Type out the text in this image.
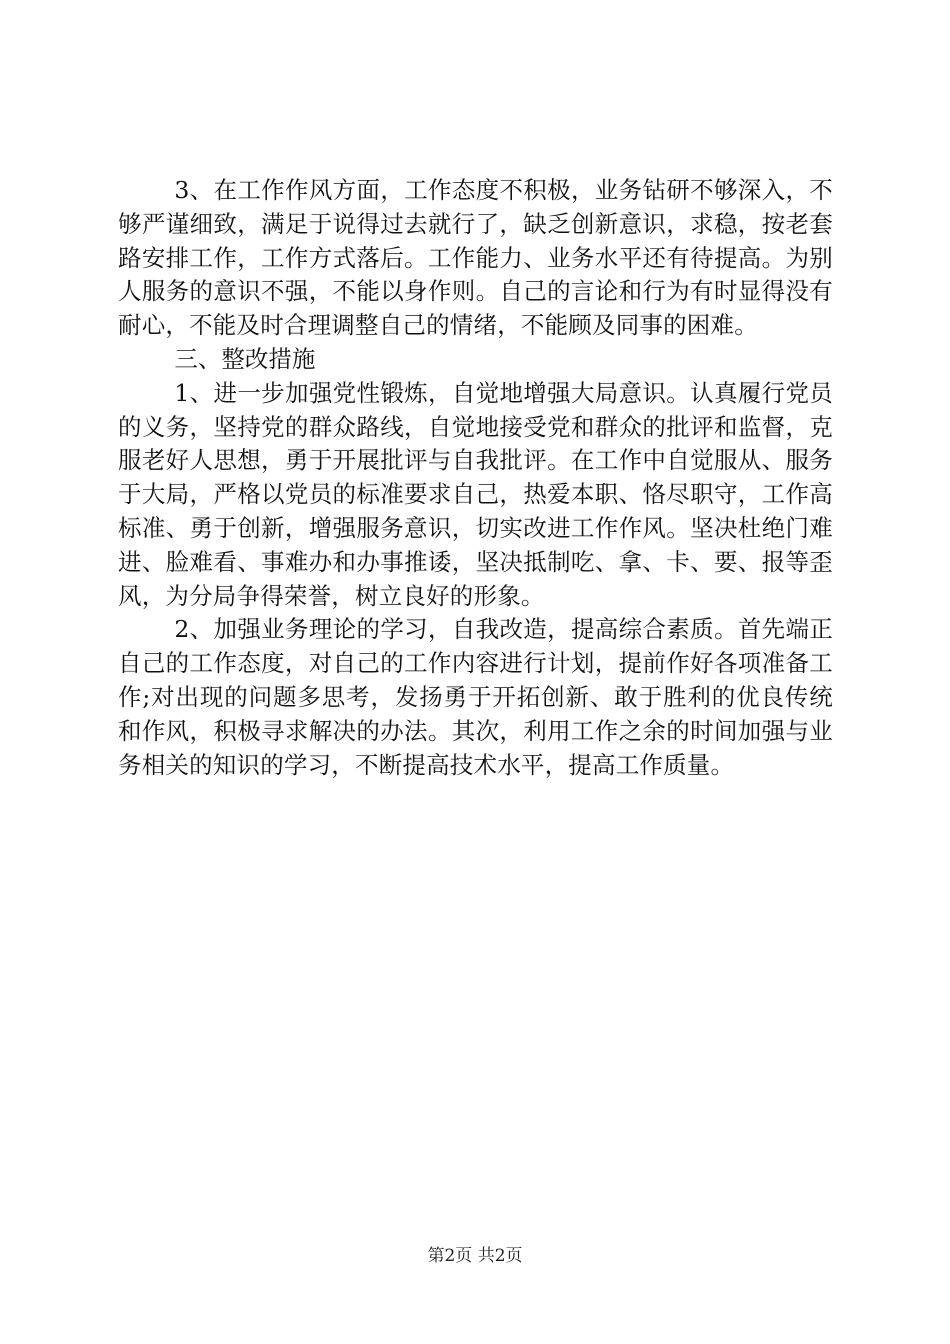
3、在工作作风方面，工作态度不积极，业务钻研不够深入，不够严谨细致，满足于说得过去就行了，缺乏创新意识，求稳，按老套路安排工作，工作方式落后。工作能力、业务水平还有待提高。为别人服务的意识不强，不能以身作则。自己的言论和行为有时显得没有耐心，不能及时合理调整自己的情绪，不能顾及同事的困难。

三、整改措施

1、进一步加强党性锻炼，自觉地增强大局意识。认真履行党员的义务，坚持党的群众路线，自觉地接受党和群众的批评和监督，克服老好人思想，勇于开展批评与自我批评。在工作中自觉服从、服务于大局，严格以党员的标准要求自己，热爱本职、恪尽职守，工作高标准、勇于创新，增强服务意识，切实改进工作作风。坚决杜绝门难进、脸难看、事难办和办事推诿，坚决抵制吃、拿、卡、要、报等歪风，为分局争得荣誉，树立良好的形象。

2、加强业务理论的学习，自我改造，提高综合素质。首先端正自己的工作态度，对自己的工作内容进行计划，提前作好各项准备工作;对出现的问题多思考，发扬勇于开拓创新、敢于胜利的优良传统和作风，积极寻求解决的办法。其次，利用工作之余的时间加强与业务相关的知识的学习，不断提高技术水平，提高工作质量。

第2页 共2页
